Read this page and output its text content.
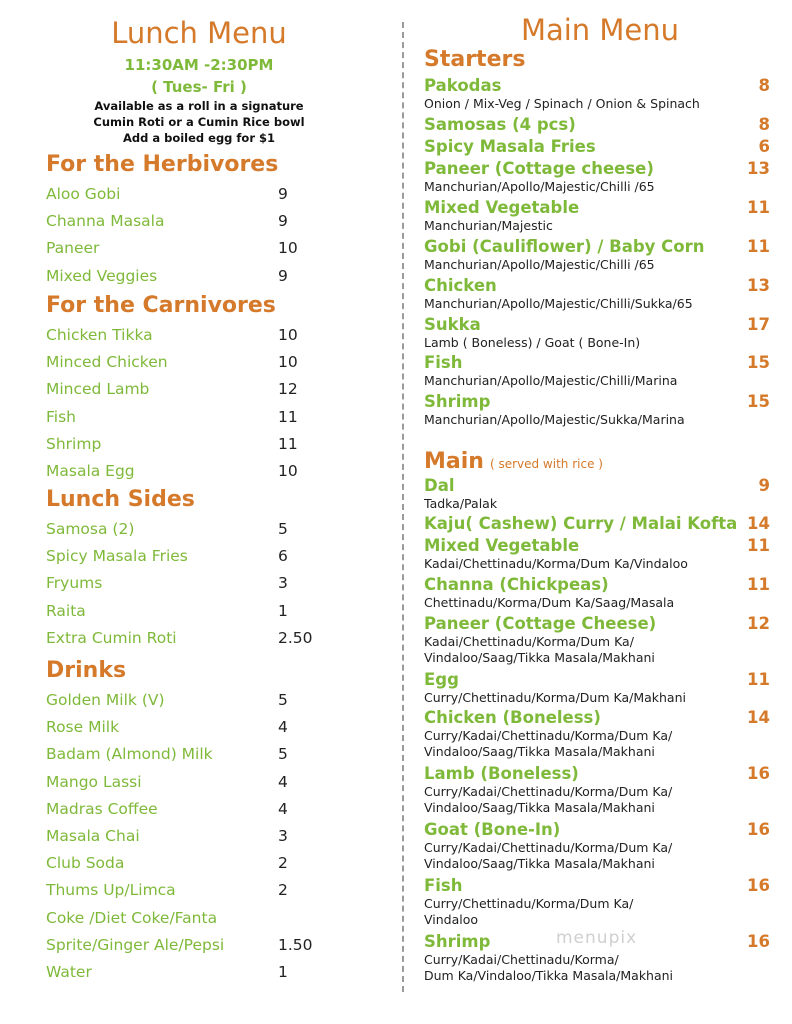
Lunch Menu
11:30AM -2:30PM
( Tues- Fri )
Available as a roll in a signature
Cumin Roti or a Cumin Rice bowl
Add a boiled egg for $1
For the Herbivores
Aloo Gobi	9
Channa Masala	9
Paneer	10
Mixed Veggies	9
For the Carnivores
Chicken Tikka	10
Minced Chicken	10
Minced Lamb	12
Fish	11
Shrimp	11
Masala Egg	10
Lunch Sides
Samosa (2)	5
Spicy Masala Fries	6
Fryums	3
Raita	1
Extra Cumin Roti	2.50
Drinks
Golden Milk (V)	5
Rose Milk	4
Badam (Almond) Milk	5
Mango Lassi	4
Madras Coffee	4
Masala Chai	3
Club Soda	2
Thums Up/Limca	2
Coke /Diet Coke/Fanta
Sprite/Ginger Ale/Pepsi	1.50
Water	1
Main Menu
Starters
Pakodas	8
Onion / Mix-Veg / Spinach / Onion & Spinach
Samosas (4 pcs)	8
Spicy Masala Fries	6
Paneer (Cottage cheese)	13
Manchurian/Apollo/Majestic/Chilli /65
Mixed Vegetable	11
Manchurian/Majestic
Gobi (Cauliflower) / Baby Corn	11
Manchurian/Apollo/Majestic/Chilli /65
Chicken	13
Manchurian/Apollo/Majestic/Chilli/Sukka/65
Sukka	17
Lamb ( Boneless) / Goat ( Bone-In)
Fish	15
Manchurian/Apollo/Majestic/Chilli/Marina
Shrimp	15
Manchurian/Apollo/Majestic/Sukka/Marina
Main ( served with rice )
Dal	9
Tadka/Palak
Kaju( Cashew) Curry / Malai Kofta 14
Mixed Vegetable	11
Kadai/Chettinadu/Korma/Dum Ka/Vindaloo
Channa (Chickpeas)	11
Chettinadu/Korma/Dum Ka/Saag/Masala
Paneer (Cottage Cheese)	12
Kadai/Chettinadu/Korma/Dum Ka/
Vindaloo/Saag/Tikka Masala/Makhani
Egg	11
Curry/Chettinadu/Korma/Dum Ka/Makhani
Chicken (Boneless)	14
Curry/Kadai/Chettinadu/Korma/Dum Ka/
Vindaloo/Saag/Tikka Masala/Makhani
Lamb (Boneless)	16
Curry/Kadai/Chettinadu/Korma/Dum Ka/
Vindaloo/Saag/Tikka Masala/Makhani
Goat (Bone-In)	16
Curry/Kadai/Chettinadu/Korma/Dum Ka/
Vindaloo/Saag/Tikka Masala/Makhani
Fish	16
Curry/Chettinadu/Korma/Dum Ka/
Vindaloo
Shrimp	16
Curry/Kadai/Chettinadu/Korma/
Dum Ka/Vindaloo/Tikka Masala/Makhani
menupix
